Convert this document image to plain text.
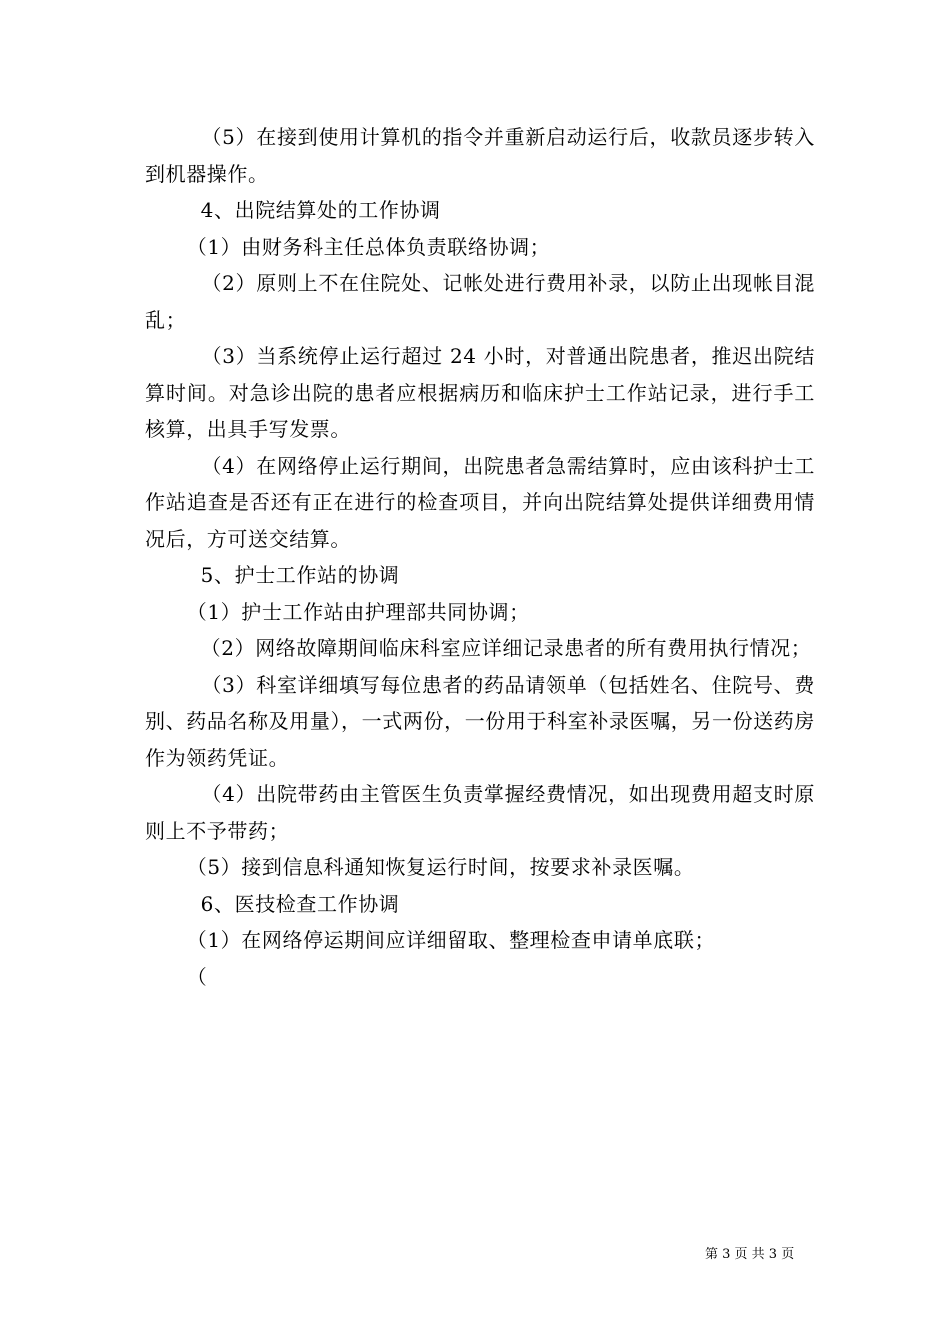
（5）在接到使用计算机的指令并重新启动运行后，收款员逐步转入到机器操作。

4、出院结算处的工作协调

（1）由财务科主任总体负责联络协调；

（2）原则上不在住院处、记帐处进行费用补录，以防止出现帐目混乱；

（3）当系统停止运行超过 24 小时，对普通出院患者，推迟出院结算时间。对急诊出院的患者应根据病历和临床护士工作站记录，进行手工核算，出具手写发票。

（4）在网络停止运行期间，出院患者急需结算时，应由该科护士工作站追查是否还有正在进行的检查项目，并向出院结算处提供详细费用情况后，方可送交结算。

5、护士工作站的协调

（1）护士工作站由护理部共同协调；

（2）网络故障期间临床科室应详细记录患者的所有费用执行情况；

（3）科室详细填写每位患者的药品请领单（包括姓名、住院号、费别、药品名称及用量），一式两份，一份用于科室补录医嘱，另一份送药房作为领药凭证。

（4）出院带药由主管医生负责掌握经费情况，如出现费用超支时原则上不予带药；

（5）接到信息科通知恢复运行时间，按要求补录医嘱。

6、医技检查工作协调

（1）在网络停运期间应详细留取、整理检查申请单底联；

（

第 3 页 共 3 页
